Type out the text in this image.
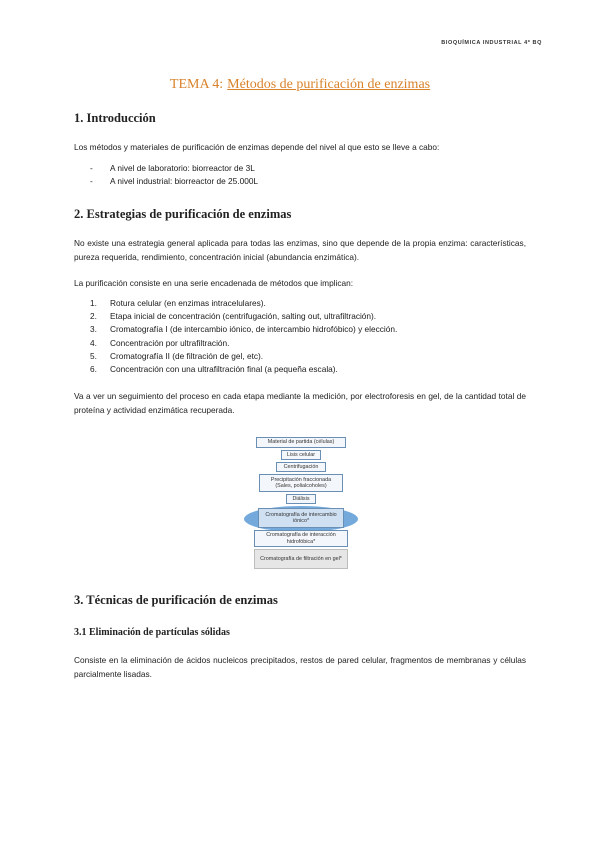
BIOQUÍMICA INDUSTRIAL 4º BQ
TEMA 4: Métodos de purificación de enzimas
1. Introducción
Los métodos y materiales de purificación de enzimas depende del nivel al que esto se lleve a cabo:
- A nivel de laboratorio: biorreactor de 3L
- A nivel industrial: biorreactor de 25.000L
2. Estrategias de purificación de enzimas
No existe una estrategia general aplicada para todas las enzimas, sino que depende de la propia enzima: características, pureza requerida, rendimiento, concentración inicial (abundancia enzimática).
La purificación consiste en una serie encadenada de métodos que implican:
1. Rotura celular (en enzimas intracelulares).
2. Etapa inicial de concentración (centrifugación, salting out, ultrafiltración).
3. Cromatografía I (de intercambio iónico, de intercambio hidrofóbico) y elección.
4. Concentración por ultrafiltración.
5. Cromatografía II (de filtración de gel, etc).
6. Concentración con una ultrafiltración final (a pequeña escala).
Va a ver un seguimiento del proceso en cada etapa mediante la medición, por electroforesis en gel, de la cantidad total de proteína y actividad enzimática recuperada.
Material de partida (células)
Lisis celular
Centrifugación
Precipitación fraccionada (Sales, polialcoholes)
Diálisis
Cromatografía de intercambio iónico*
Cromatografía de interacción hidrofóbica*
Cromatografía de filtración en gel*
3. Técnicas de purificación de enzimas
3.1 Eliminación de partículas sólidas
Consiste en la eliminación de ácidos nucleicos precipitados, restos de pared celular, fragmentos de membranas y células parcialmente lisadas.
